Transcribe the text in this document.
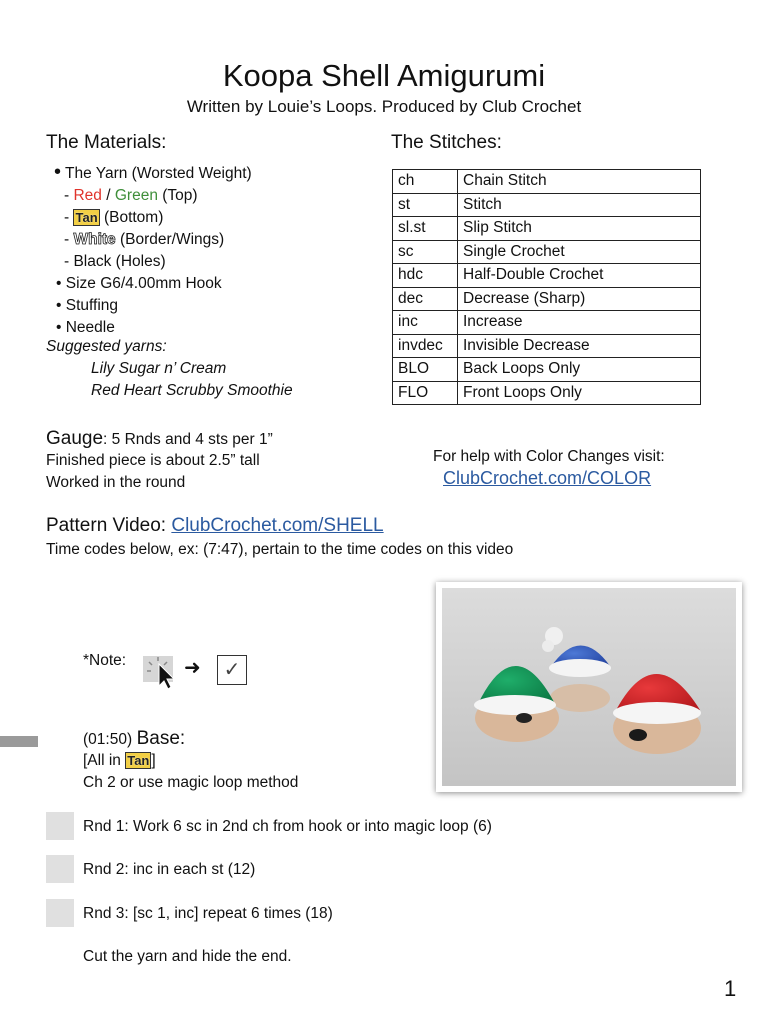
Koopa Shell Amigurumi
Written by Louie’s Loops. Produced by Club Crochet
The Materials:
• The Yarn (Worsted Weight)
- Red / Green (Top)
- Tan (Bottom)
- White (Border/Wings)
- Black (Holes)
• Size G6/4.00mm Hook
• Stuffing
• Needle
Suggested yarns:
Lily Sugar n’ Cream
Red Heart Scrubby Smoothie
The Stitches:
ch	Chain Stitch
st	Stitch
sl.st	Slip Stitch
sc	Single Crochet
hdc	Half-Double Crochet
dec	Decrease (Sharp)
inc	Increase
invdec	Invisible Decrease
BLO	Back Loops Only
FLO	Front Loops Only
Gauge: 5 Rnds and 4 sts per 1”
Finished piece is about 2.5” tall
Worked in the round
For help with Color Changes visit:
ClubCrochet.com/COLOR
Pattern Video: ClubCrochet.com/SHELL
Time codes below, ex: (7:47), pertain to the time codes on this video
*Note:	➜	✓
(01:50) Base:
[All in Tan ]
Ch 2 or use magic loop method
Rnd 1: Work 6 sc in 2nd ch from hook or into magic loop (6)
Rnd 2: inc in each st (12)
Rnd 3: [sc 1, inc] repeat 6 times (18)
Cut the yarn and hide the end.
1
